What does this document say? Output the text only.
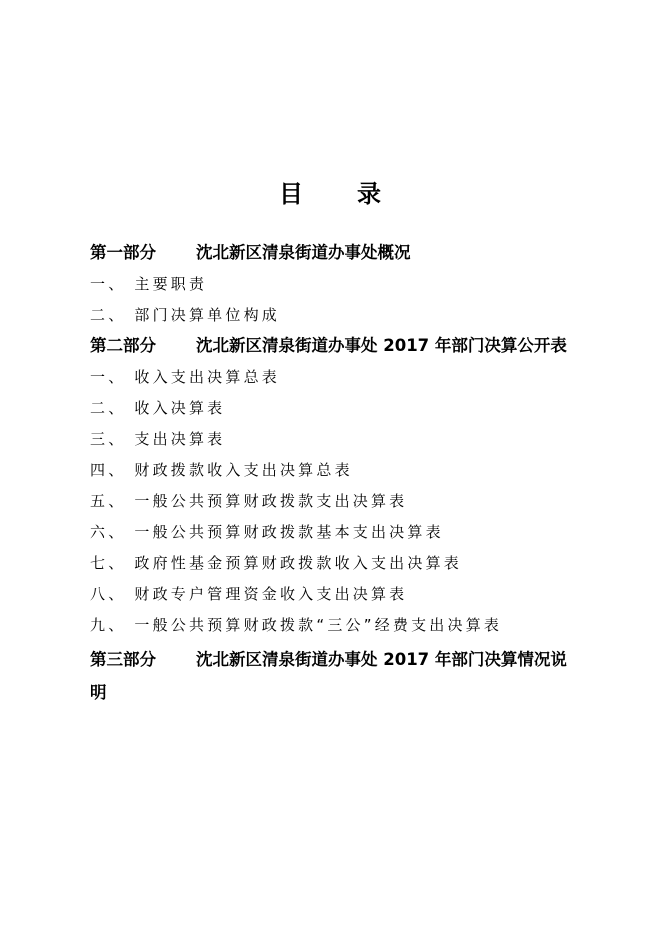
目　　录
第一部分 沈北新区清泉街道办事处概况
一、 主要职责
二、 部门决算单位构成
第二部分 沈北新区清泉街道办事处 2017 年部门决算公开表
一、 收入支出决算总表
二、 收入决算表
三、 支出决算表
四、 财政拨款收入支出决算总表
五、 一般公共预算财政拨款支出决算表
六、 一般公共预算财政拨款基本支出决算表
七、 政府性基金预算财政拨款收入支出决算表
八、 财政专户管理资金收入支出决算表
九、 一般公共预算财政拨款“三公”经费支出决算表
第三部分 沈北新区清泉街道办事处 2017 年部门决算情况说
明
